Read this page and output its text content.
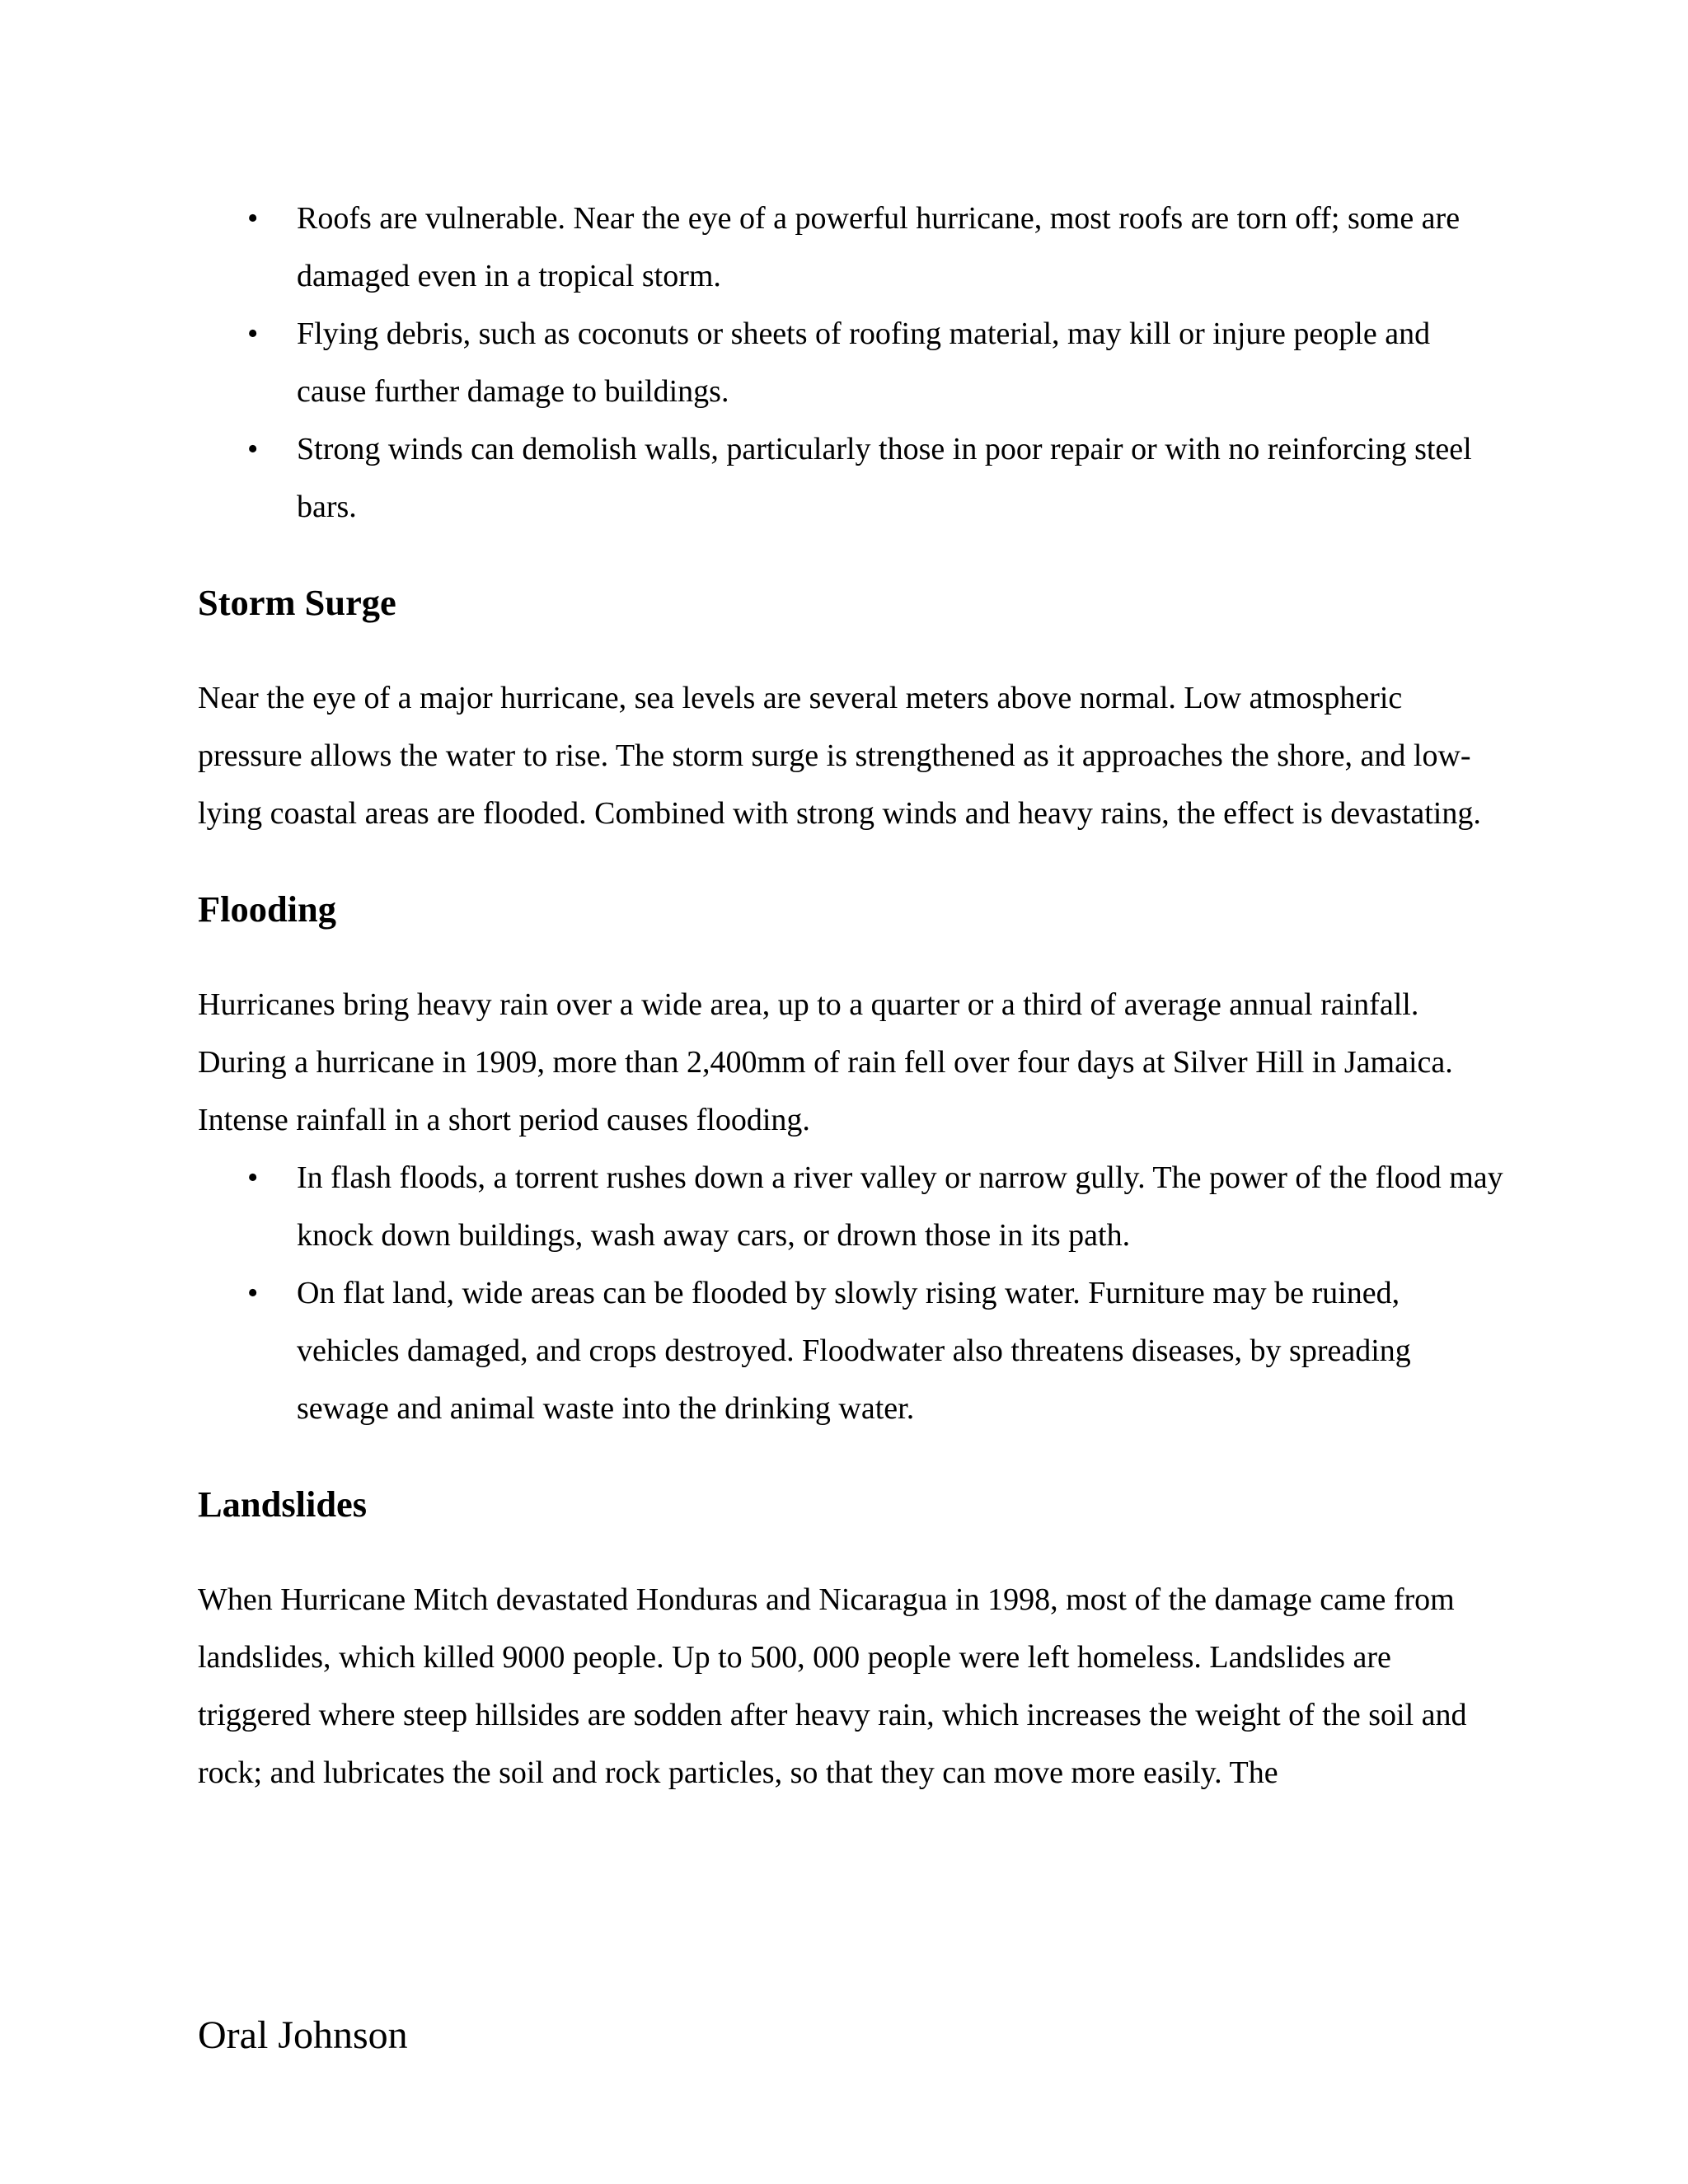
•	Roofs are vulnerable. Near the eye of a powerful hurricane, most roofs are torn off; some are damaged even in a tropical storm.
•	Flying debris, such as coconuts or sheets of roofing material, may kill or injure people and cause further damage to buildings.
•	Strong winds can demolish walls, particularly those in poor repair or with no reinforcing steel bars.
Storm Surge

Near the eye of a major hurricane, sea levels are several meters above normal. Low atmospheric pressure allows the water to rise. The storm surge is strengthened as it approaches the shore, and low-lying coastal areas are flooded. Combined with strong winds and heavy rains, the effect is devastating.

Flooding

Hurricanes bring heavy rain over a wide area, up to a quarter or a third of average annual rainfall. During a hurricane in 1909, more than 2,400mm of rain fell over four days at Silver Hill in Jamaica. Intense rainfall in a short period causes flooding.

•	In flash floods, a torrent rushes down a river valley or narrow gully. The power of the flood may knock down buildings, wash away cars, or drown those in its path.
•	On flat land, wide areas can be flooded by slowly rising water. Furniture may be ruined, vehicles damaged, and crops destroyed. Floodwater also threatens diseases, by spreading sewage and animal waste into the drinking water.
Landslides

When Hurricane Mitch devastated Honduras and Nicaragua in 1998, most of the damage came from landslides, which killed 9000 people. Up to 500, 000 people were left homeless. Landslides are triggered where steep hillsides are sodden after heavy rain, which increases the weight of the soil and rock; and lubricates the soil and rock particles, so that they can move more easily. The

Oral Johnson
